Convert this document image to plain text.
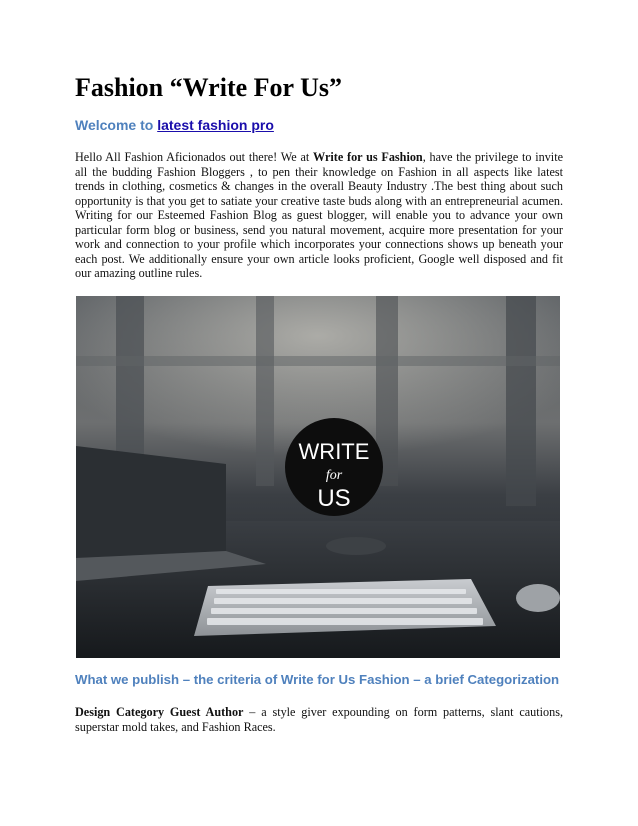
Fashion “Write For Us”

Welcome to latest fashion pro

Hello All Fashion Aficionados out there! We at Write for us Fashion, have the privilege to invite all the budding Fashion Bloggers , to pen their knowledge on Fashion in all aspects like latest trends in clothing, cosmetics & changes in the overall Beauty Industry .The best thing about such opportunity is that you get to satiate your creative taste buds along with an entrepreneurial acumen. Writing for our Esteemed Fashion Blog as guest blogger, will enable you to advance your own particular form blog or business, send you natural movement, acquire more presentation for your work and connection to your profile which incorporates your connections shows up beneath your each post. We additionally ensure your own article looks proficient, Google well disposed and fit our amazing outline rules.

WRITE
for
US
What we publish – the criteria of Write for Us Fashion – a brief Categorization

Design Category Guest Author – a style giver expounding on form patterns, slant cautions, superstar mold takes, and Fashion Races.
